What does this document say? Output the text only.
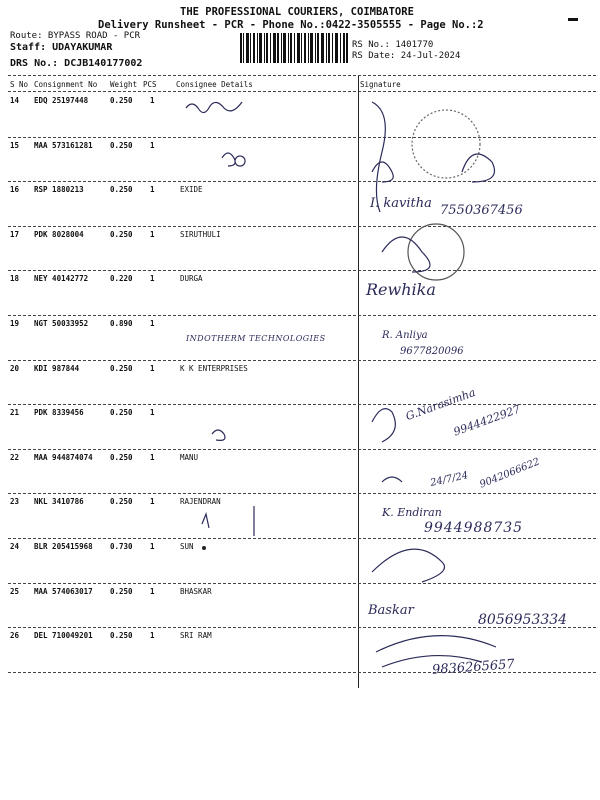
THE PROFESSIONAL COURIERS, COIMBATORE
Delivery Runsheet - PCR - Phone No.:0422-3505555 - Page No.:2
Route: BYPASS ROAD - PCR
Staff: UDAYAKUMAR
DRS No.: DCJB140177002
RS No.: 1401770
RS Date: 24-Jul-2024
S No Consignment No Weight PCS	Consignee Details	Signature
14 EDQ 25197448	0.250 1
15 MAA 573161281 0.250 1
16 RSP 1880213	0.250 1	EXIDE
17 PDK 8028004	0.250 1	SIRUTHULI
18 NEY 40142772	0.220 1	DURGA
19 NGT 50033952	0.890 1
20 KDI 987844	0.250 1	K K ENTERPRISES
21 PDK 8339456	0.250 1
22 MAA 944874074 0.250 1	MANU
23 NKL 3410786	0.250 1	RAJENDRAN
24 BLR 205415968 0.730 1	SUN
25 MAA 574063017 0.250 1	BHASKAR
26 DEL 710049201 0.250 1	SRI RAM
I. kavitha 7550367456
Rewhika
INDOTHERM TECHNOLOGIES	R. Anliya
9677820096
G.Narasimha
9944422927
24/7/24 9042066622
K. Endiran
9944988735
Baskar
8056953334
9836265657
